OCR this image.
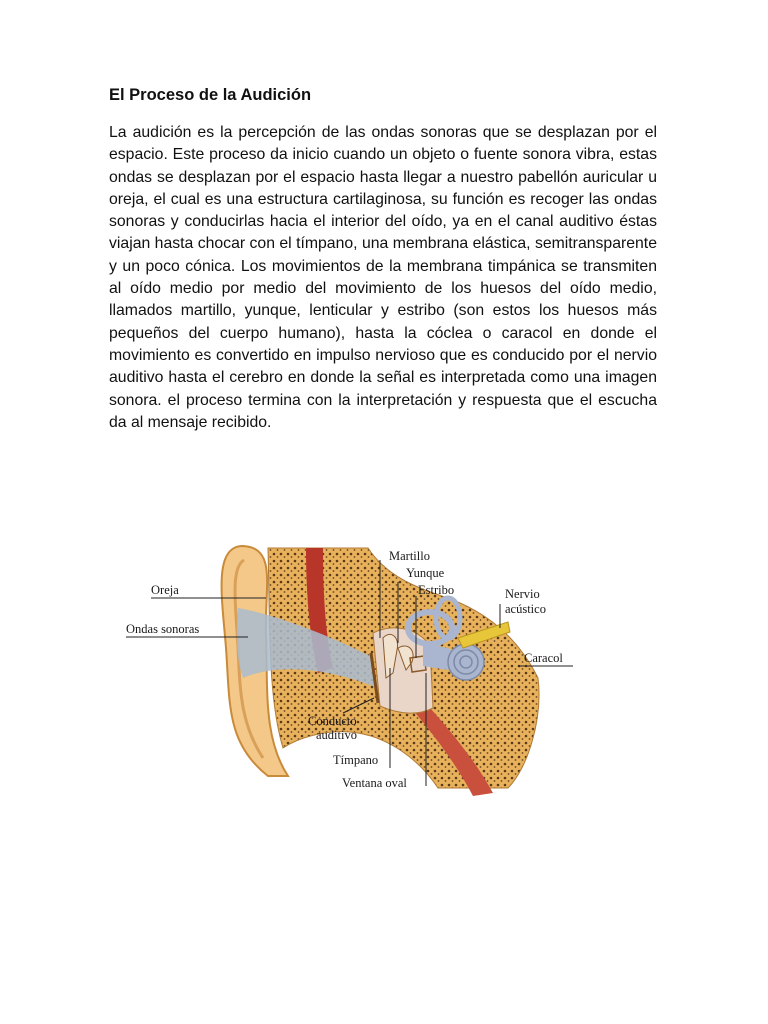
El Proceso de la Audición

La audición es la percepción de las ondas sonoras que se desplazan por el espacio. Este proceso da inicio cuando un objeto o fuente sonora vibra, estas ondas se desplazan por el espacio hasta llegar a nuestro pabellón auricular u oreja, el cual es una estructura cartilaginosa, su función es recoger las ondas sonoras y conducirlas hacia el interior del oído, ya en el canal auditivo éstas viajan hasta chocar con el tímpano, una membrana elástica, semitransparente y un poco cónica. Los movimientos de la membrana timpánica se transmiten al oído medio por medio del movimiento de los huesos del oído medio, llamados martillo, yunque, lenticular y estribo (son estos los huesos más pequeños del cuerpo humano), hasta la cóclea o caracol en donde el movimiento es convertido en impulso nervioso que es conducido por el nervio auditivo hasta el cerebro en donde la señal es interpretada como una imagen sonora. el proceso termina con la interpretación y respuesta que el escucha da al mensaje recibido.

Oreja
Ondas sonoras
Martillo
Yunque
Estribo	Nervio
acústico
Caracol
Conducto
auditivo
Tímpano
Ventana oval
